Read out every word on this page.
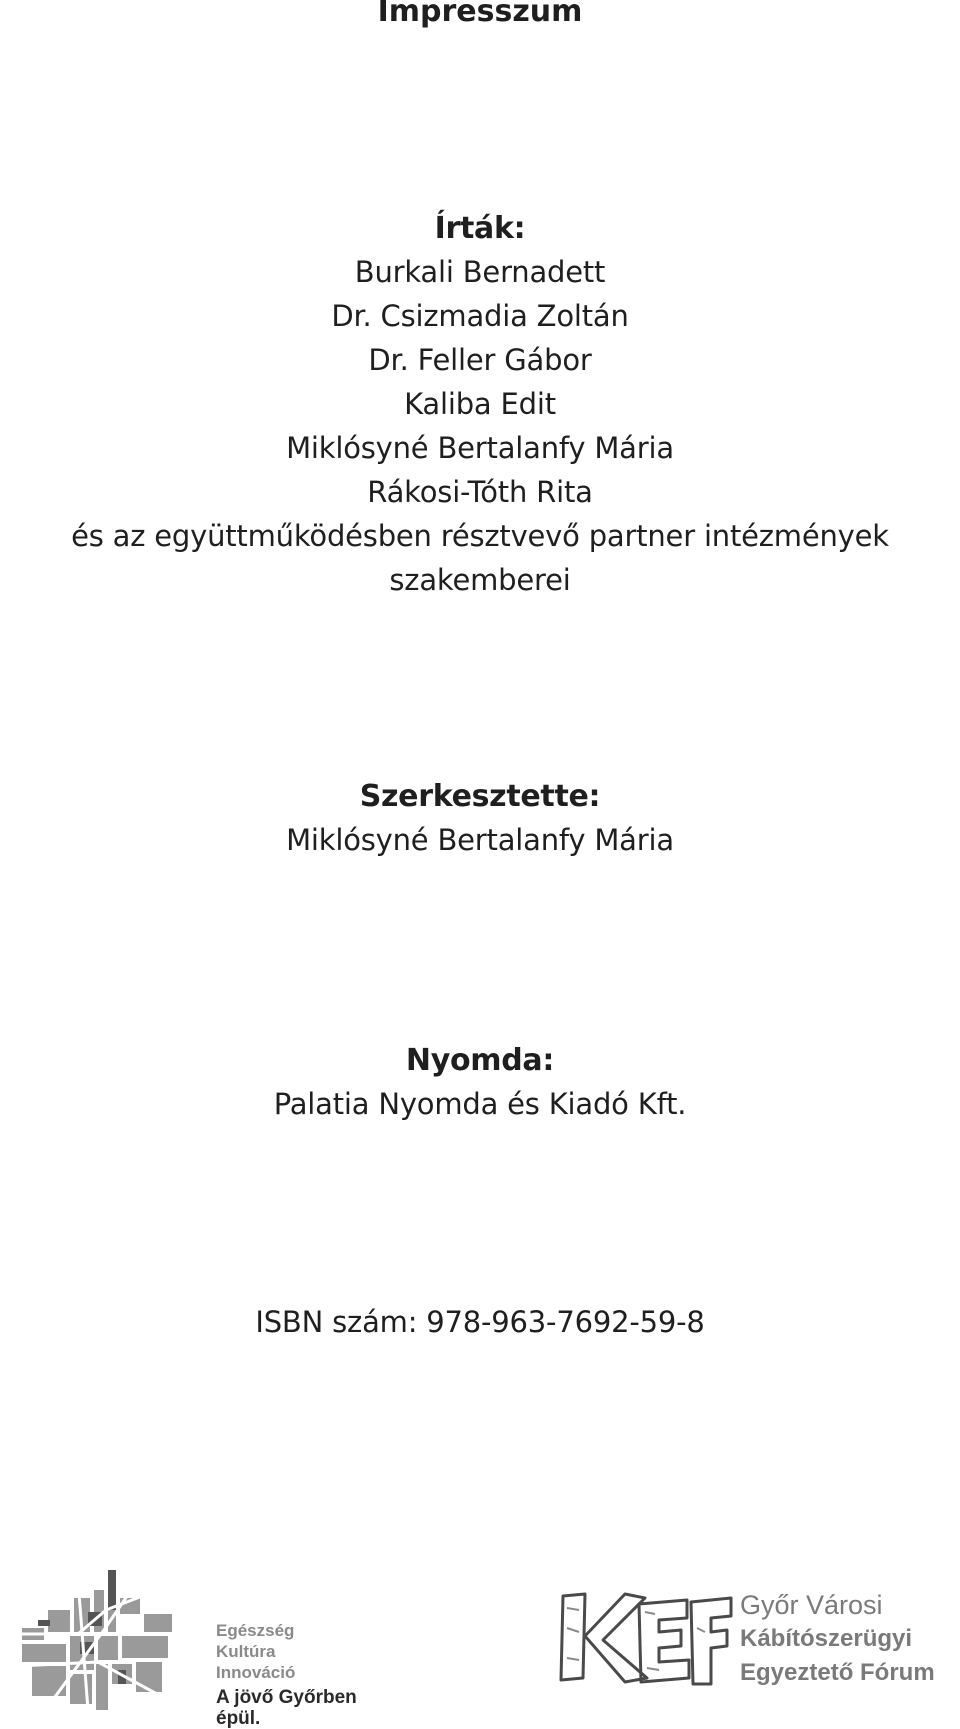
Impresszum
Írták:
Burkali Bernadett
Dr. Csizmadia Zoltán
Dr. Feller Gábor
Kaliba Edit
Miklósyné Bertalanfy Mária
Rákosi-Tóth Rita
és az együttműködésben résztvevő partner intézmények
szakemberei
Szerkesztette:
Miklósyné Bertalanfy Mária
Nyomda:
Palatia Nyomda és Kiadó Kft.
ISBN szám: 978-963-7692-59-8
Egészség
Kultúra
Innováció
A jövő Győrben épül.
Győr Városi
Kábítószerügyi
Egyeztető Fórum
